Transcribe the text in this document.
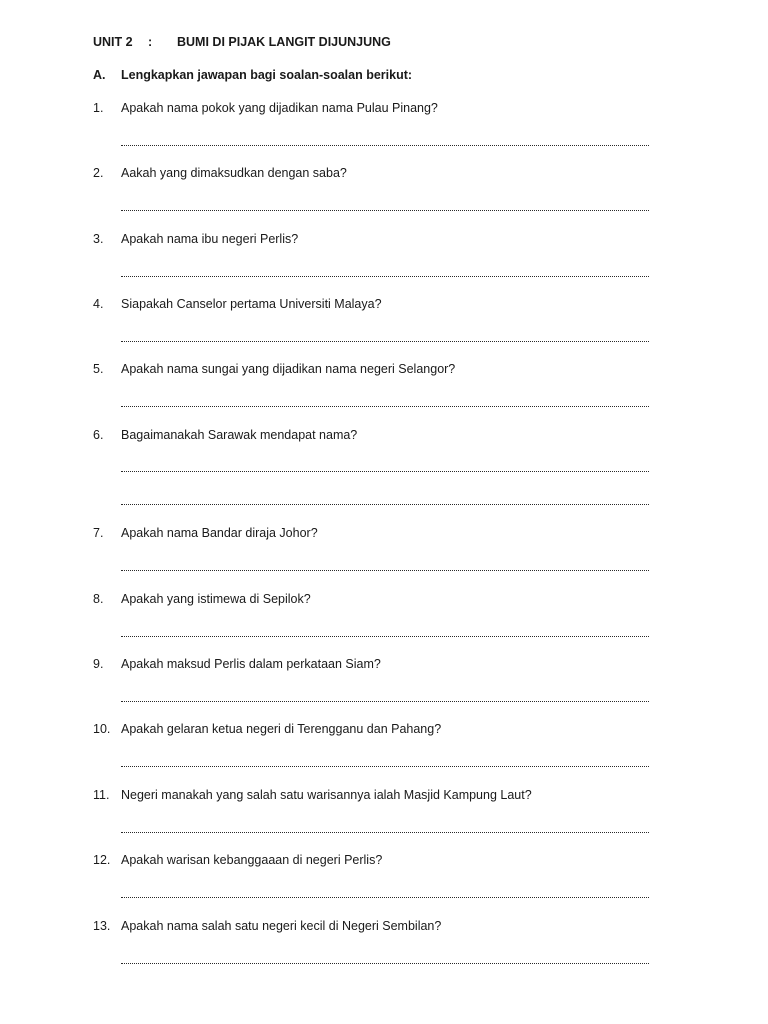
UNIT 2 : BUMI DI PIJAK LANGIT DIJUNJUNG
A. Lengkapkan jawapan bagi soalan-soalan berikut:
1. Apakah nama pokok yang dijadikan nama Pulau Pinang?
2. Aakah yang dimaksudkan dengan saba?
3. Apakah nama ibu negeri Perlis?
4. Siapakah Canselor pertama Universiti Malaya?
5. Apakah nama sungai yang dijadikan nama negeri Selangor?
6. Bagaimanakah Sarawak mendapat nama?
7. Apakah nama Bandar diraja Johor?
8. Apakah yang istimewa di Sepilok?
9. Apakah maksud Perlis dalam perkataan Siam?
10. Apakah gelaran ketua negeri di Terengganu dan Pahang?
11. Negeri manakah yang salah satu warisannya ialah Masjid Kampung Laut?
12. Apakah warisan kebanggaaan di negeri Perlis?
13. Apakah nama salah satu negeri kecil di Negeri Sembilan?
